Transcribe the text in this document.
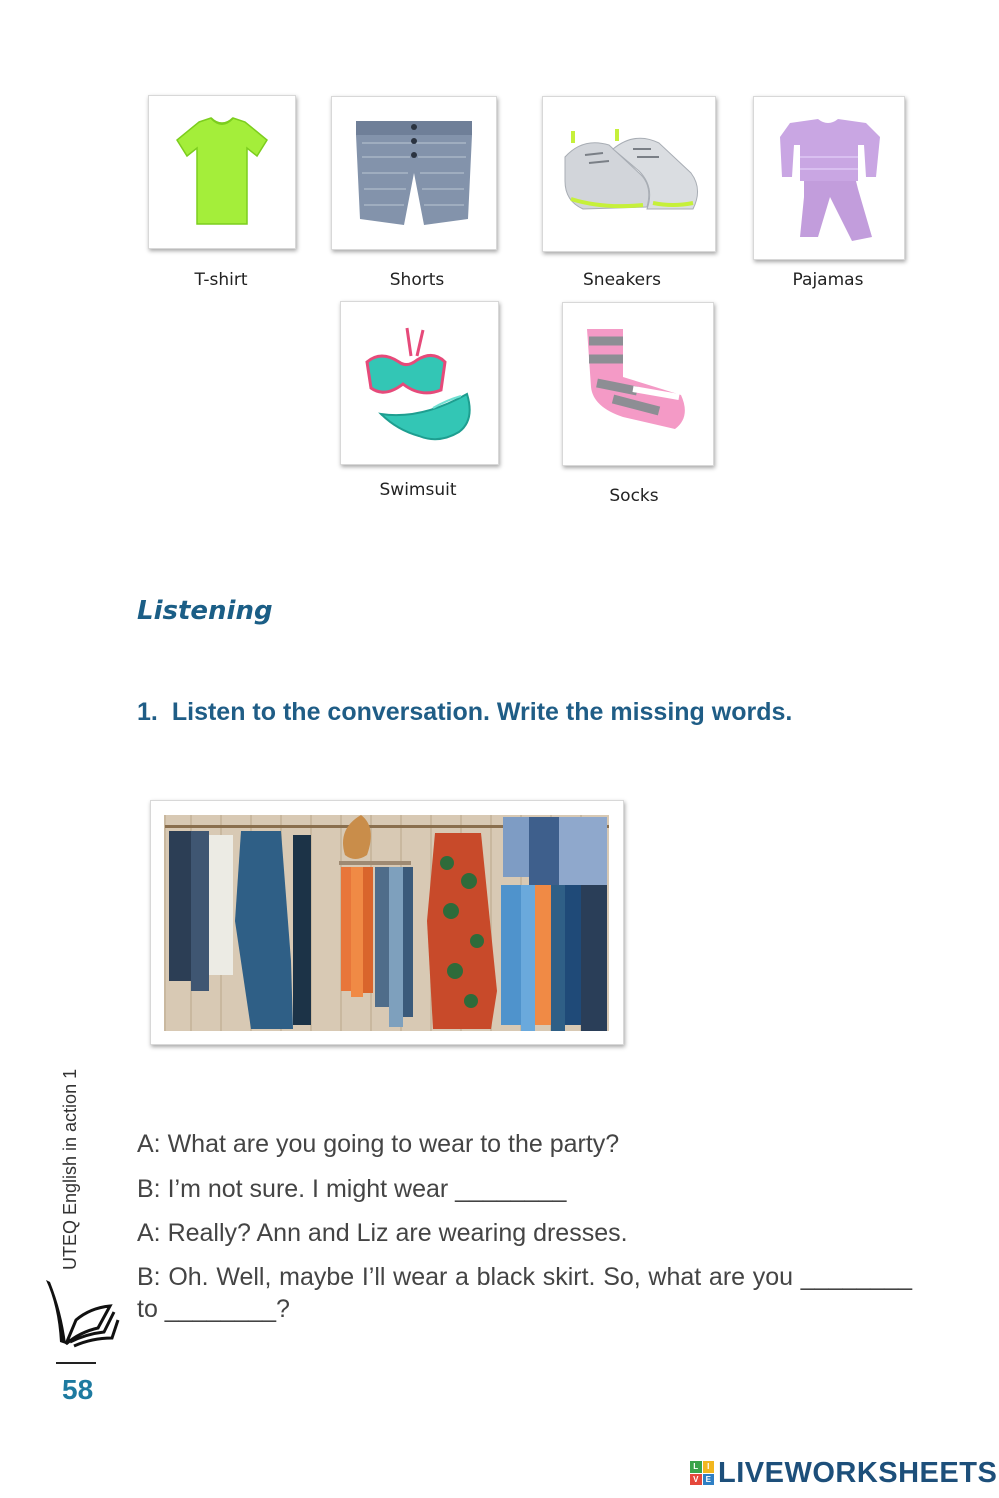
T-shirt	Shorts	Sneakers	Pajamas
Swimsuit	Socks
Listening
1. Listen to the conversation. Write the missing words.
A: What are you going to wear to the party?
B: I’m not sure. I might wear ________
A: Really? Ann and Liz are wearing dresses.
B: Oh. Well, maybe I’ll wear a black skirt. So, what are you ________ to ________?
UTEQ English in action 1
58
L	I
V E LIVEWORKSHEETS
